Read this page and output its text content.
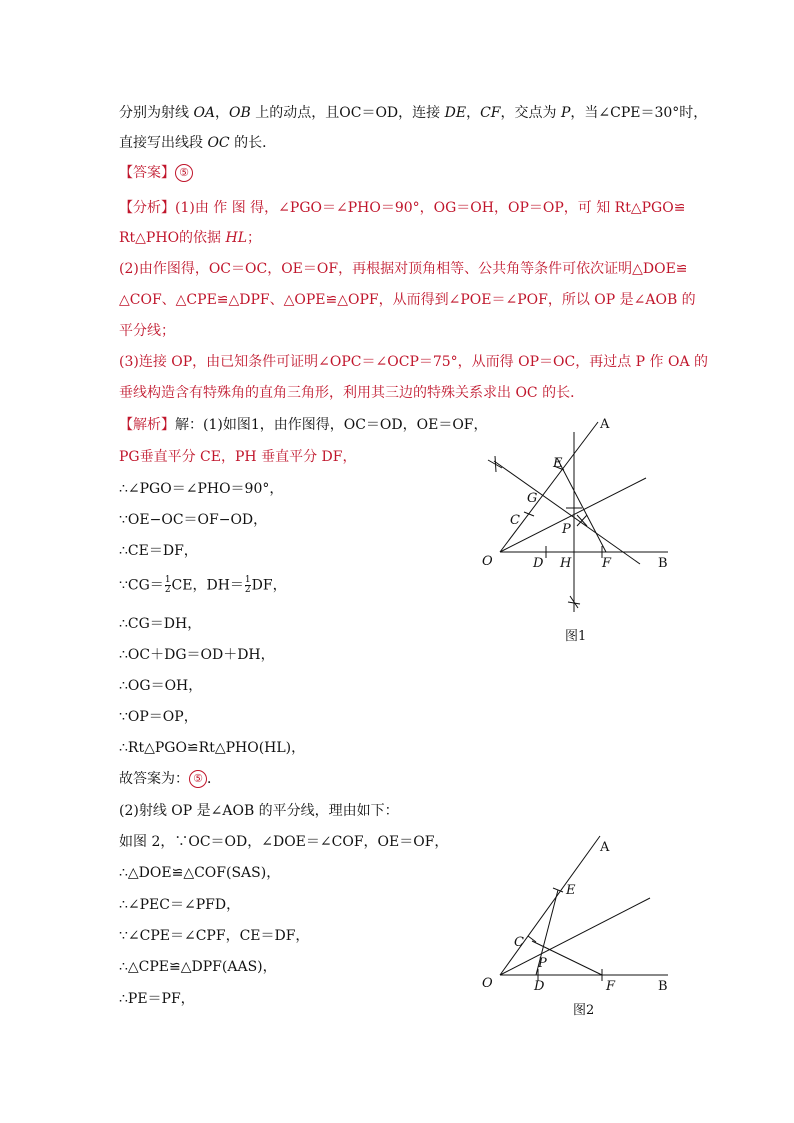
分别为射线 OA，OB 上的动点，且OC＝OD，连接 DE，CF，交点为 P，当∠CPE＝30°时，
直接写出线段 OC 的长．
【答案】 ⑤
【分析】(1)由 作 图 得，∠PGO＝∠PHO＝90°，OG＝OH，OP＝OP，可 知 Rt△PGO≌
Rt△PHO的依据 HL；
(2)由作图得，OC＝OC，OE＝OF，再根据对顶角相等、公共角等条件可依次证明△DOE≌
△COF、△CPE≌△DPF、△OPE≌△OPF，从而得到∠POE＝∠POF，所以 OP 是∠AOB 的
平分线；
(3)连接 OP，由已知条件可证明∠OPC＝∠OCP＝75°，从而得 OP＝OC，再过点 P 作 OA 的
垂线构造含有特殊角的直角三角形，利用其三边的特殊关系求出 OC 的长．
【解析】解：(1)如图1，由作图得，OC＝OD，OE＝OF，
PG垂直平分 CE，PH 垂直平分 DF，
∴∠PGO＝∠PHO＝90°，
∵OE−OC＝OF−OD，
∴CE＝DF，
∵CG＝ $\frac{1}{2}$ CE，$DH= \frac{1}{2}$ DF，
∴CG＝DH，
∴OC＋DG＝OD＋DH，
∴OG＝OH，
∵OP＝OP，
∴Rt△PGO≌Rt△PHO(HL)，
故答案为： ⑤ ．
(2)射线 OP 是∠AOB 的平分线，理由如下：
如图 2，∵OC＝OD，∠DOE＝∠COF，OE＝OF，
∴△DOE≌△COF(SAS)，
∴∠PEC＝∠PFD，
∵∠CPE＝∠CPF，CE＝DF，
∴△CPE≌△DPF(AAS)，
∴PE＝PF，
A
B
O
E
G
C
P
D H F
图1
A
B
O
E
C
P
D	F
图2
